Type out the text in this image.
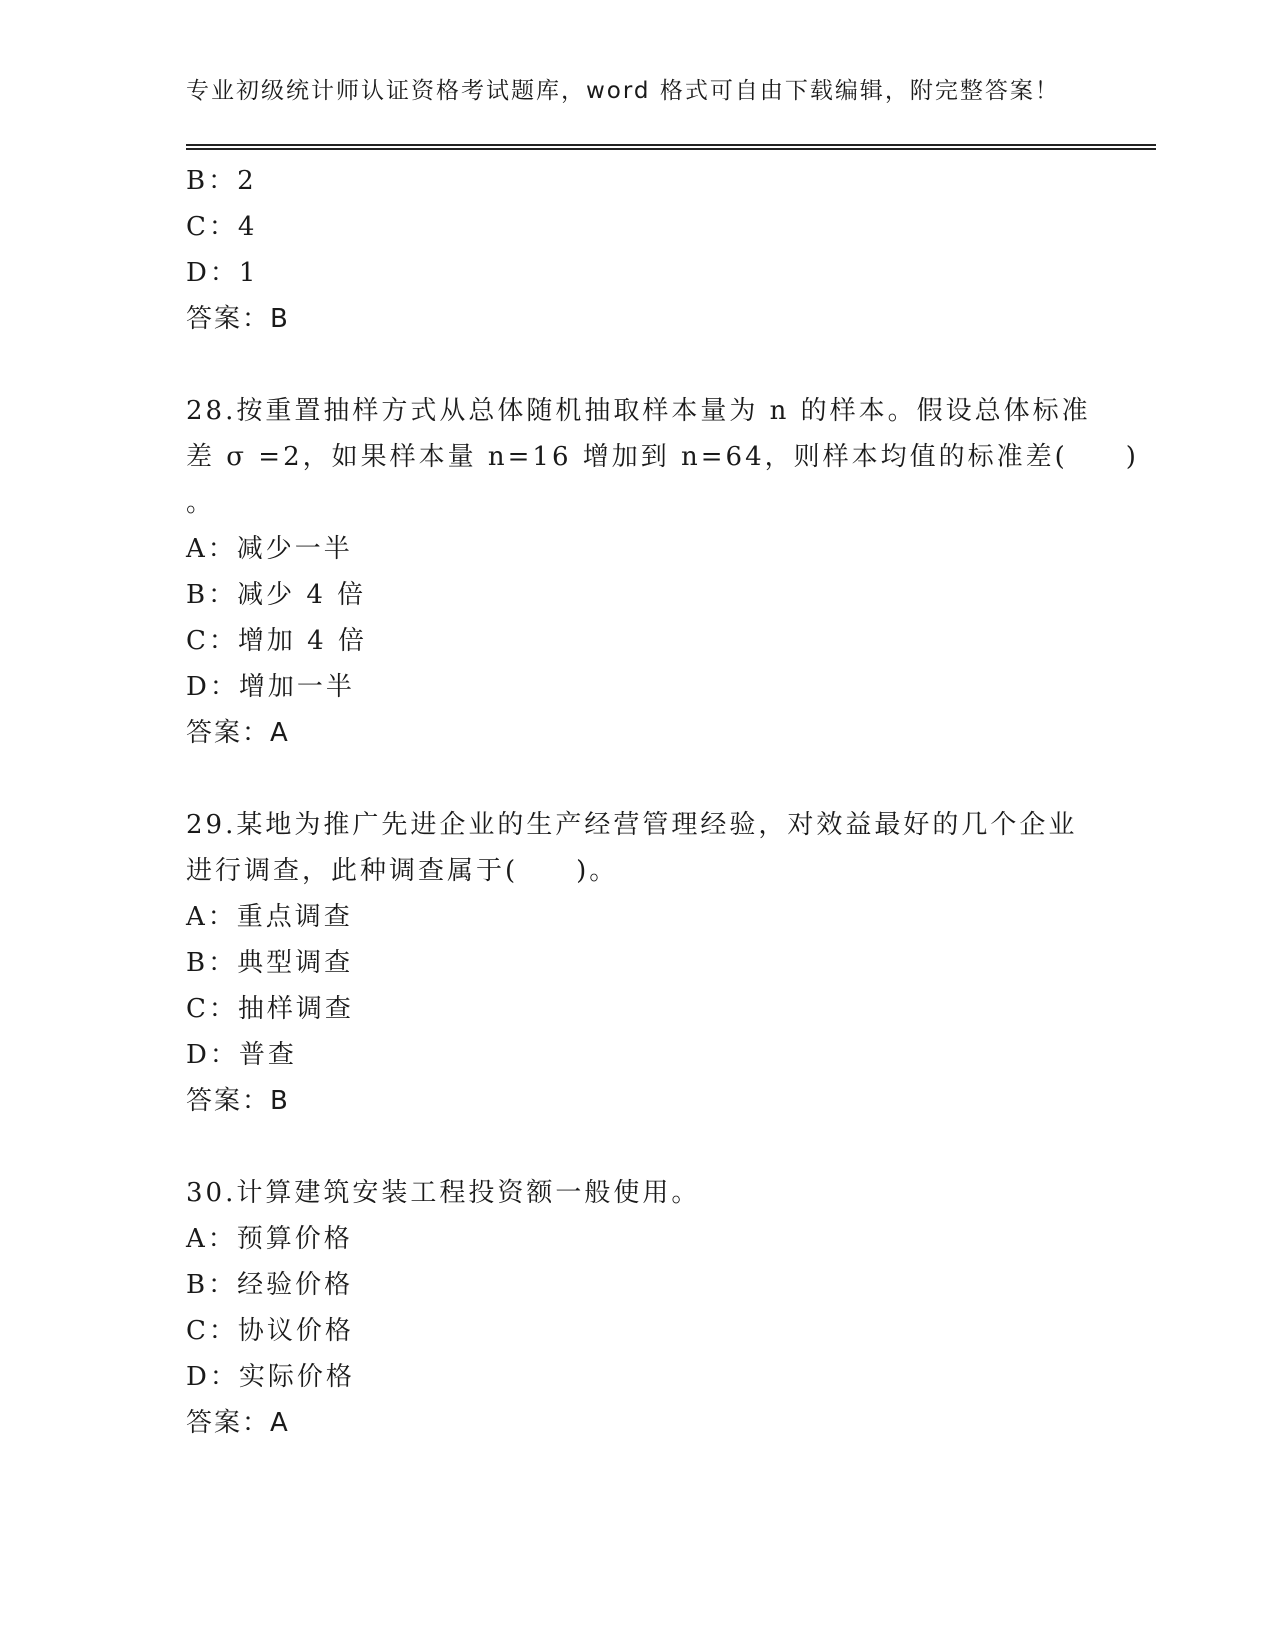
专业初级统计师认证资格考试题库，word 格式可自由下载编辑，附完整答案！
B：2
C：4
D：1
答案：B
28.按重置抽样方式从总体随机抽取样本量为 n 的样本。假设总体标准
差 σ =2，如果样本量 n=16 增加到 n=64，则样本均值的标准差(　　)
。
A：减少一半
B：减少 4 倍
C：增加 4 倍
D：增加一半
答案：A
29.某地为推广先进企业的生产经营管理经验，对效益最好的几个企业
进行调查，此种调查属于(　　)。
A：重点调查
B：典型调查
C：抽样调查
D：普查
答案：B
30.计算建筑安装工程投资额一般使用。
A：预算价格
B：经验价格
C：协议价格
D：实际价格
答案：A
